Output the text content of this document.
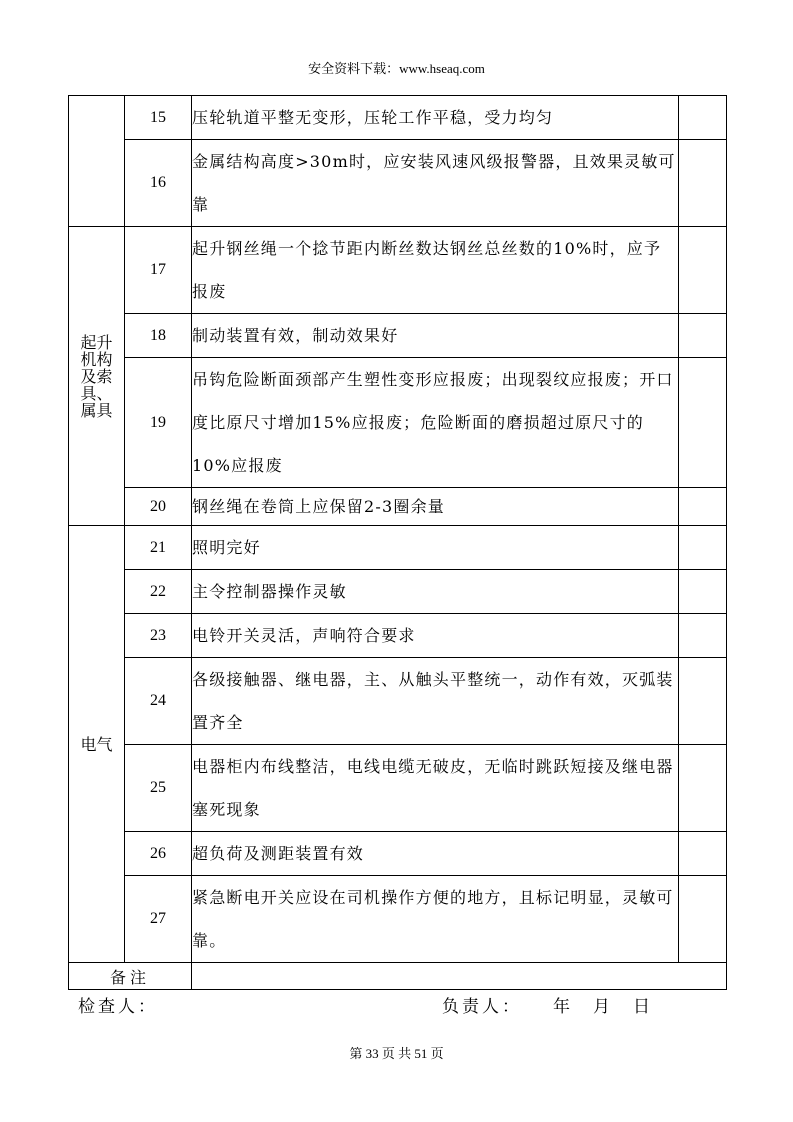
安全资料下载：www.hseaq.com
	15	压轮轨道平整无变形，压轮工作平稳，受力均匀	
	16	金属结构高度>30m时，应安装风速风级报警器，且效果灵敏可靠	
起升机构及索具、属具	17	起升钢丝绳一个捻节距内断丝数达钢丝总丝数的10%时，应予报废	
	18	制动装置有效，制动效果好	
	19	吊钩危险断面颈部产生塑性变形应报废；出现裂纹应报废；开口度比原尺寸增加15%应报废；危险断面的磨损超过原尺寸的10%应报废	
	20	钢丝绳在卷筒上应保留2-3圈余量	
电气	21	照明完好	
	22	主令控制器操作灵敏	
	23	电铃开关灵活，声响符合要求	
	24	各级接触器、继电器，主、从触头平整统一，动作有效，灭弧装置齐全	
	25	电器柜内布线整洁，电线电缆无破皮，无临时跳跃短接及继电器塞死现象	
	26	超负荷及测距装置有效	
	27	紧急断电开关应设在司机操作方便的地方，且标记明显，灵敏可靠。	
备注			
检查人：	负责人： 年　月　日
第 33 页 共 51 页
